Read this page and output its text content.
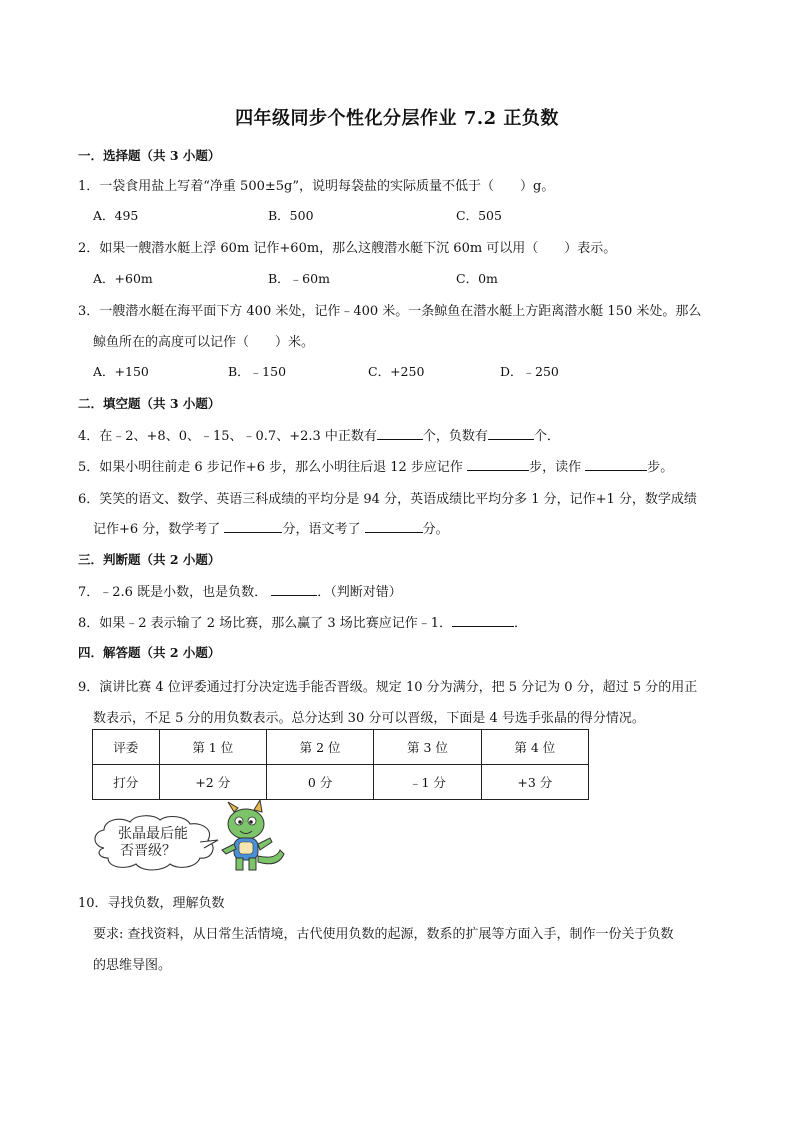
四年级同步个性化分层作业 7.2 正负数
一．选择题（共 3 小题）
1．一袋食用盐上写着“净重 500±5g”，说明每袋盐的实际质量不低于（　　）g。
A．495	B．500	C．505
2．如果一艘潜水艇上浮 60m 记作+60m，那么这艘潜水艇下沉 60m 可以用（　　）表示。
A．+60m	B．﹣60m	C．0m
3．一艘潜水艇在海平面下方 400 米处，记作﹣400 米。一条鲸鱼在潜水艇上方距离潜水艇 150 米处。那么
鲸鱼所在的高度可以记作（　　）米。
A．+150	B．﹣150	C．+250	D．﹣250
二．填空题（共 3 小题）
4．在﹣2、+8、0、﹣15、﹣0.7、+2.3 中正数有	个，负数有	个．
5．如果小明往前走 6 步记作+6 步，那么小明往后退 12 步应记作	步，读作	步。
6．笑笑的语文、数学、英语三科成绩的平均分是 94 分，英语成绩比平均分多 1 分，记作+1 分，数学成绩
记作+6 分，数学考了	分，语文考了	分。
三．判断题（共 2 小题）
7．﹣2.6 既是小数，也是负数．	．（判断对错）
8．如果﹣2 表示输了 2 场比赛，那么赢了 3 场比赛应记作﹣1．	．
四．解答题（共 2 小题）
9．演讲比赛 4 位评委通过打分决定选手能否晋级。规定 10 分为满分，把 5 分记为 0 分，超过 5 分的用正
数表示，不足 5 分的用负数表示。总分达到 30 分可以晋级，下面是 4 号选手张晶的得分情况。
评委	第 1 位	第 2 位	第 3 位	第 4 位
打分	+2 分	0 分	﹣1 分	+3 分
张晶最后能
否晋级？
10．寻找负数，理解负数
要求: 查找资料，从日常生活情境，古代使用负数的起源，数系的扩展等方面入手，制作一份关于负数
的思维导图。
